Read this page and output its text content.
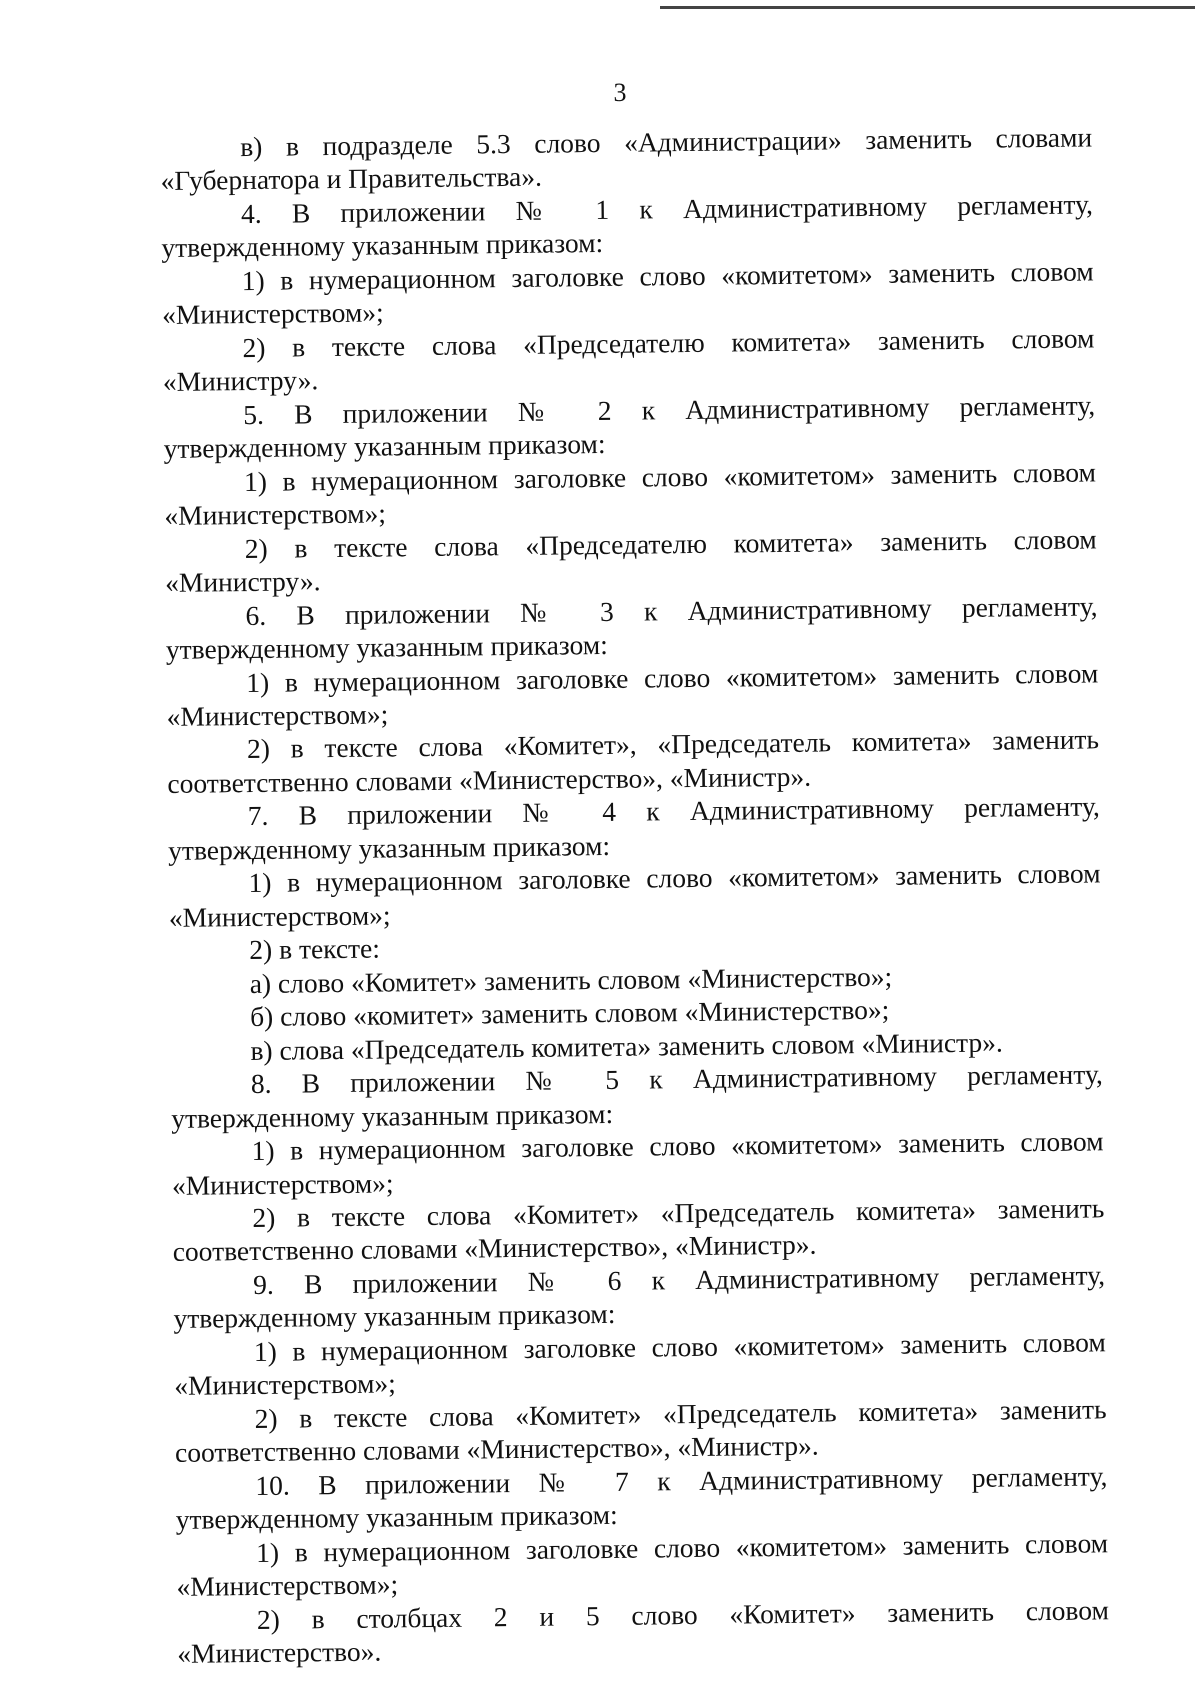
3
в) в подразделе 5.3 слово «Администрации» заменить словами
«Губернатора и Правительства».
4. В приложении № 1 к Административному регламенту,
утвержденному указанным приказом:
1) в нумерационном заголовке слово «комитетом» заменить словом
«Министерством»;
2) в тексте слова «Председателю комитета» заменить словом
«Министру».
5. В приложении № 2 к Административному регламенту,
утвержденному указанным приказом:
1) в нумерационном заголовке слово «комитетом» заменить словом
«Министерством»;
2) в тексте слова «Председателю комитета» заменить словом
«Министру».
6. В приложении № 3 к Административному регламенту,
утвержденному указанным приказом:
1) в нумерационном заголовке слово «комитетом» заменить словом
«Министерством»;
2) в тексте слова «Комитет», «Председатель комитета» заменить
соответственно словами «Министерство», «Министр».
7. В приложении № 4 к Административному регламенту,
утвержденному указанным приказом:
1) в нумерационном заголовке слово «комитетом» заменить словом
«Министерством»;
2) в тексте:
а) слово «Комитет» заменить словом «Министерство»;
б) слово «комитет» заменить словом «Министерство»;
в) слова «Председатель комитета» заменить словом «Министр».
8. В приложении № 5 к Административному регламенту,
утвержденному указанным приказом:
1) в нумерационном заголовке слово «комитетом» заменить словом
«Министерством»;
2) в тексте слова «Комитет» «Председатель комитета» заменить
соответственно словами «Министерство», «Министр».
9. В приложении № 6 к Административному регламенту,
утвержденному указанным приказом:
1) в нумерационном заголовке слово «комитетом» заменить словом
«Министерством»;
2) в тексте слова «Комитет» «Председатель комитета» заменить
соответственно словами «Министерство», «Министр».
10. В приложении № 7 к Административному регламенту,
утвержденному указанным приказом:
1) в нумерационном заголовке слово «комитетом» заменить словом
«Министерством»;
2) в столбцах 2 и 5 слово «Комитет» заменить словом
«Министерство».
